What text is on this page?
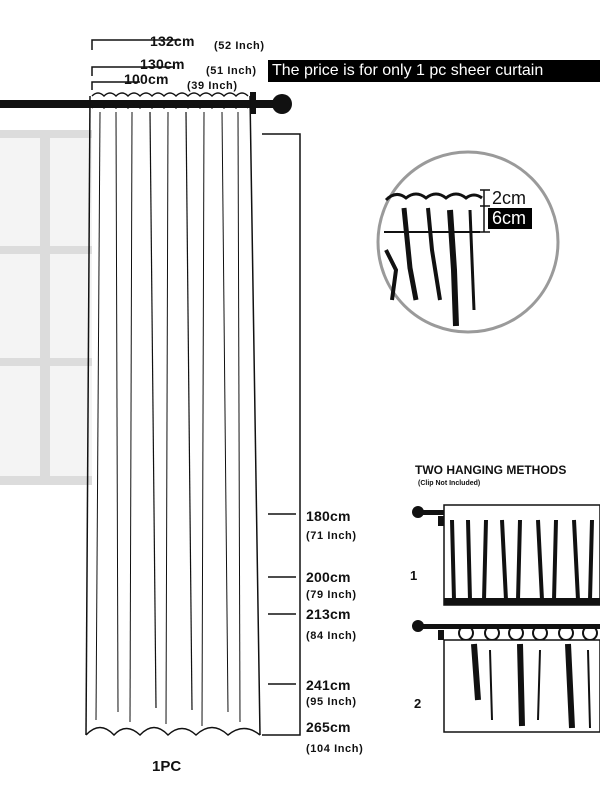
132cm (52 Inch)
130cm (51 Inch)
100cm (39 Inch)
The price is for only 1 pc sheer curtain
2cm
6cm
180cm
(71 Inch)
200cm
(79 Inch)
213cm
(84 Inch)
241cm
(95 Inch)
265cm
(104 Inch)
TWO HANGING METHODS
(Clip Not Included)
1
2
1PC
